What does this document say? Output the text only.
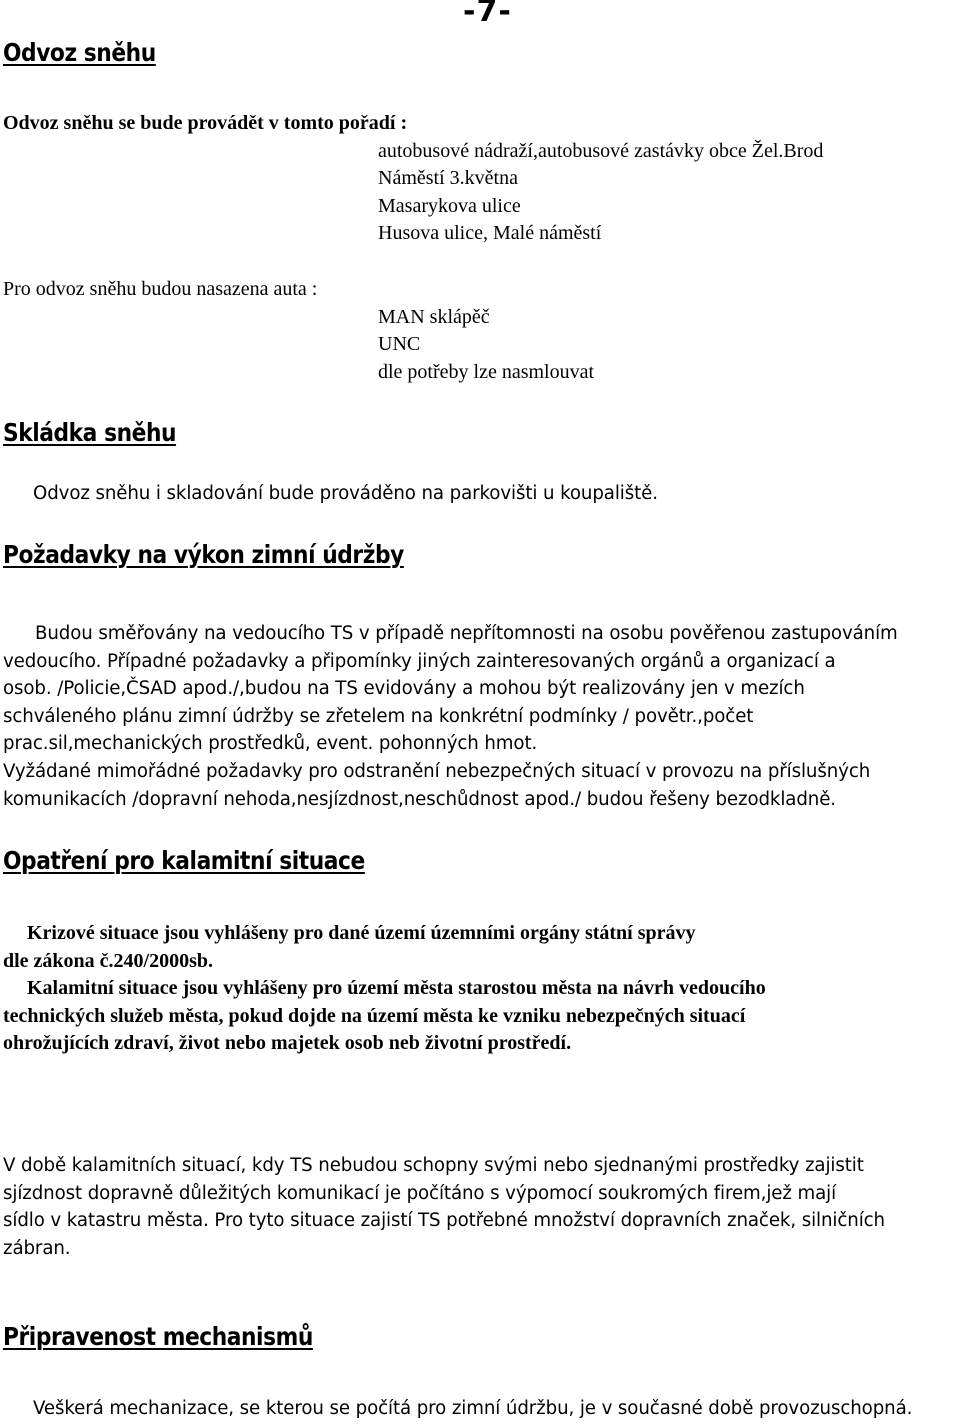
-7-
Odvoz sněhu
Odvoz sněhu se bude provádět v tomto pořadí :
autobusové nádraží,autobusové zastávky obce Žel.Brod
Náměstí 3.května
Masarykova ulice
Husova ulice, Malé náměstí
Pro odvoz sněhu budou nasazena auta :
MAN sklápěč
UNC
dle potřeby lze nasmlouvat
Skládka sněhu
Odvoz sněhu i skladování bude prováděno na parkovišti u koupaliště.
Požadavky na výkon zimní údržby

Budou směřovány na vedoucího TS v případě nepřítomnosti na osobu pověřenou zastupováním

vedoucího. Případné požadavky a připomínky jiných zainteresovaných orgánů a organizací a

osob. /Policie,ČSAD apod./,budou na TS evidovány a mohou být realizovány jen v mezích

schváleného plánu zimní údržby se zřetelem na konkrétní podmínky / povětr.,počet

prac.sil,mechanických prostředků, event. pohonných hmot.

Vyžádané mimořádné požadavky pro odstranění nebezpečných situací v provozu na příslušných

komunikacích /dopravní nehoda,nesjízdnost,neschůdnost apod./ budou řešeny bezodkladně.

Opatření pro kalamitní situace

Krizové situace jsou vyhlášeny pro dané území územními orgány státní správy

dle zákona č.240/2000sb.

Kalamitní situace jsou vyhlášeny pro území města starostou města na návrh vedoucího

technických služeb města, pokud dojde na území města ke vzniku nebezpečných situací

ohrožujících zdraví, život nebo majetek osob neb životní prostředí.

V době kalamitních situací, kdy TS nebudou schopny svými nebo sjednanými prostředky zajistit

sjízdnost dopravně důležitých komunikací je počítáno s výpomocí soukromých firem,jež mají

sídlo v katastru města. Pro tyto situace zajistí TS potřebné množství dopravních značek, silničních

zábran.

Připravenost mechanismů
Veškerá mechanizace, se kterou se počítá pro zimní údržbu, je v současné době provozuschopná.
